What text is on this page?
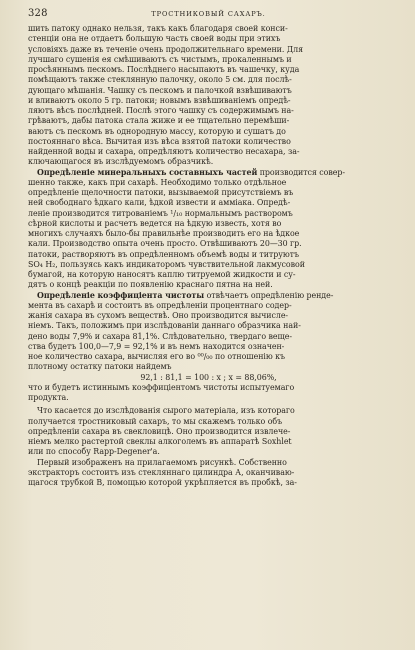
328	ТРОСТНИКОВЫЙ САХАРЪ.
шить патоку однако нельзя, такъ какъ благодаря своей конси-
стенціи она не отдаетъ большую часть своей воды при этихъ
условіяхъ даже въ теченіе очень продолжительнаго времени. Для
лучшаго сушенія ея смѣшиваютъ съ чистымъ, прокаленнымъ и
просѣяннымъ пескомъ. Послѣднего насыпаютъ въ чашечку, куда
помѣщаютъ также стеклянную палочку, около 5 см. для послѣ-
дующаго мѣшанія. Чашку съ пескомъ и палочкой взвѣшиваютъ
и вливаютъ около 5 гр. патоки; новымъ взвѣшиваніемъ опредѣ-
ляютъ вѣсъ послѣдней. Послѣ этого чашку съ содержимымъ на-
грѣваютъ, дабы патока стала жиже и ее тщательно перемѣши-
ваютъ съ пескомъ въ однородную массу, которую и сушатъ до
постояннаго вѣса. Вычитая изъ вѣса взятой патоки количество
найденной воды и сахара, опредѣляютъ количество несахара, за-
ключающагося въ изслѣдуемомъ образчикѣ.
Опредѣленіе минеральныхъ составныхъ частей производится совер-
шенно также, какъ при сахарѣ. Необходимо только отдѣльное
опредѣленіе щелочности патоки, вызываемой присутствіемъ въ
ней свободнаго ѣдкаго кали, ѣдкой извести и амміака. Опредѣ-
леніе производится титрованіемъ ¹/₁₀ нормальнымъ растворомъ
сѣрной кислоты и расчетъ ведется на ѣдкую известь, хотя во
многихъ случаяхъ было-бы правильнѣе производить его на ѣдкое
кали. Производство опыта очень просто. Отвѣшиваютъ 20—30 гр.
патоки, растворяютъ въ опредѣленномъ объемѣ воды и титруютъ
SO₄ H₂, пользуясь какъ индикаторомъ чувствительной лакмусовой
бумагой, на которую наносятъ каплю титруемой жидкости и су-
дятъ о концѣ реакціи по появленію краснаго пятна на ней.
Опредѣленіе коэффиціента чистоты отвѣчаетъ опредѣленію ренде-
мента въ сахарѣ и состоитъ въ опредѣленіи процентнаго содер-
жанія сахара въ сухомъ веществѣ. Оно производится вычисле-
ніемъ. Такъ, положимъ при изслѣдованіи даннаго образчика най-
дено воды 7,9% и сахара 81,1%. Слѣдовательно, твердаго веще-
ства будетъ 100,0—7,9 = 92,1% и въ немъ находится означен-
ное количество сахара, вычисляя его во ⁰⁰/₀₀ по отношенію къ
плотному остатку патоки найдемъ
92,1 : 81,1 = 100 : x ; x = 88,06%,
что и будетъ истиннымъ коэффиціентомъ чистоты испытуемаго
продукта.
Что касается до изслѣдованія сырого матеріала, изъ котораго
получается тростниковый сахаръ, то мы скажемъ только объ
опредѣленіи сахара въ свекловицѣ. Оно производится извлече-
ніемъ мелко растертой свеклы алкоголемъ въ аппаратѣ Soxhlet
или по способу Rapp-Degener'a.
Первый изображенъ на прилагаемомъ рисункѣ. Собственно
экстракторъ состоитъ изъ стекляннаго цилиндра А, оканчиваю-
щагося трубкой В, помощью которой укрѣпляется въ пробкѣ, за-
